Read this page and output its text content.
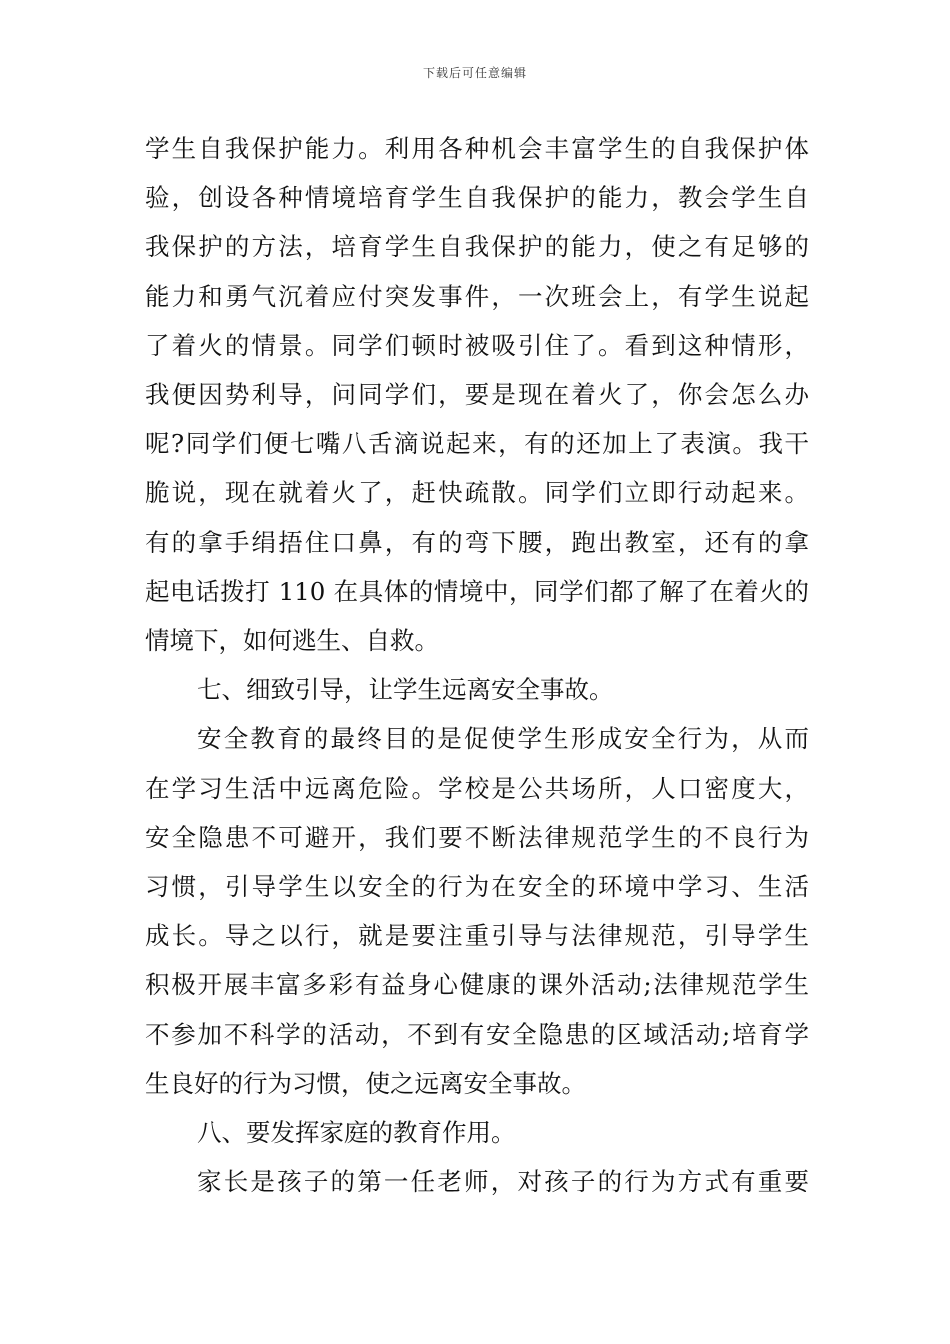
下载后可任意编辑
学生自我保护能力。利用各种机会丰富学生的自我保护体
验，创设各种情境培育学生自我保护的能力，教会学生自
我保护的方法，培育学生自我保护的能力，使之有足够的
能力和勇气沉着应付突发事件，一次班会上，有学生说起
了着火的情景。同学们顿时被吸引住了。看到这种情形，
我便因势利导，问同学们，要是现在着火了，你会怎么办
呢?同学们便七嘴八舌滴说起来，有的还加上了表演。我干
脆说，现在就着火了，赶快疏散。同学们立即行动起来。
有的拿手绢捂住口鼻，有的弯下腰，跑出教室，还有的拿
起电话拨打 110 在具体的情境中，同学们都了解了在着火的
情境下，如何逃生、自救。
七、细致引导，让学生远离安全事故。
安全教育的最终目的是促使学生形成安全行为，从而
在学习生活中远离危险。学校是公共场所，人口密度大，
安全隐患不可避开，我们要不断法律规范学生的不良行为
习惯，引导学生以安全的行为在安全的环境中学习、生活
成长。导之以行，就是要注重引导与法律规范，引导学生
积极开展丰富多彩有益身心健康的课外活动;法律规范学生
不参加不科学的活动，不到有安全隐患的区域活动;培育学
生良好的行为习惯，使之远离安全事故。
八、要发挥家庭的教育作用。
家长是孩子的第一任老师，对孩子的行为方式有重要
